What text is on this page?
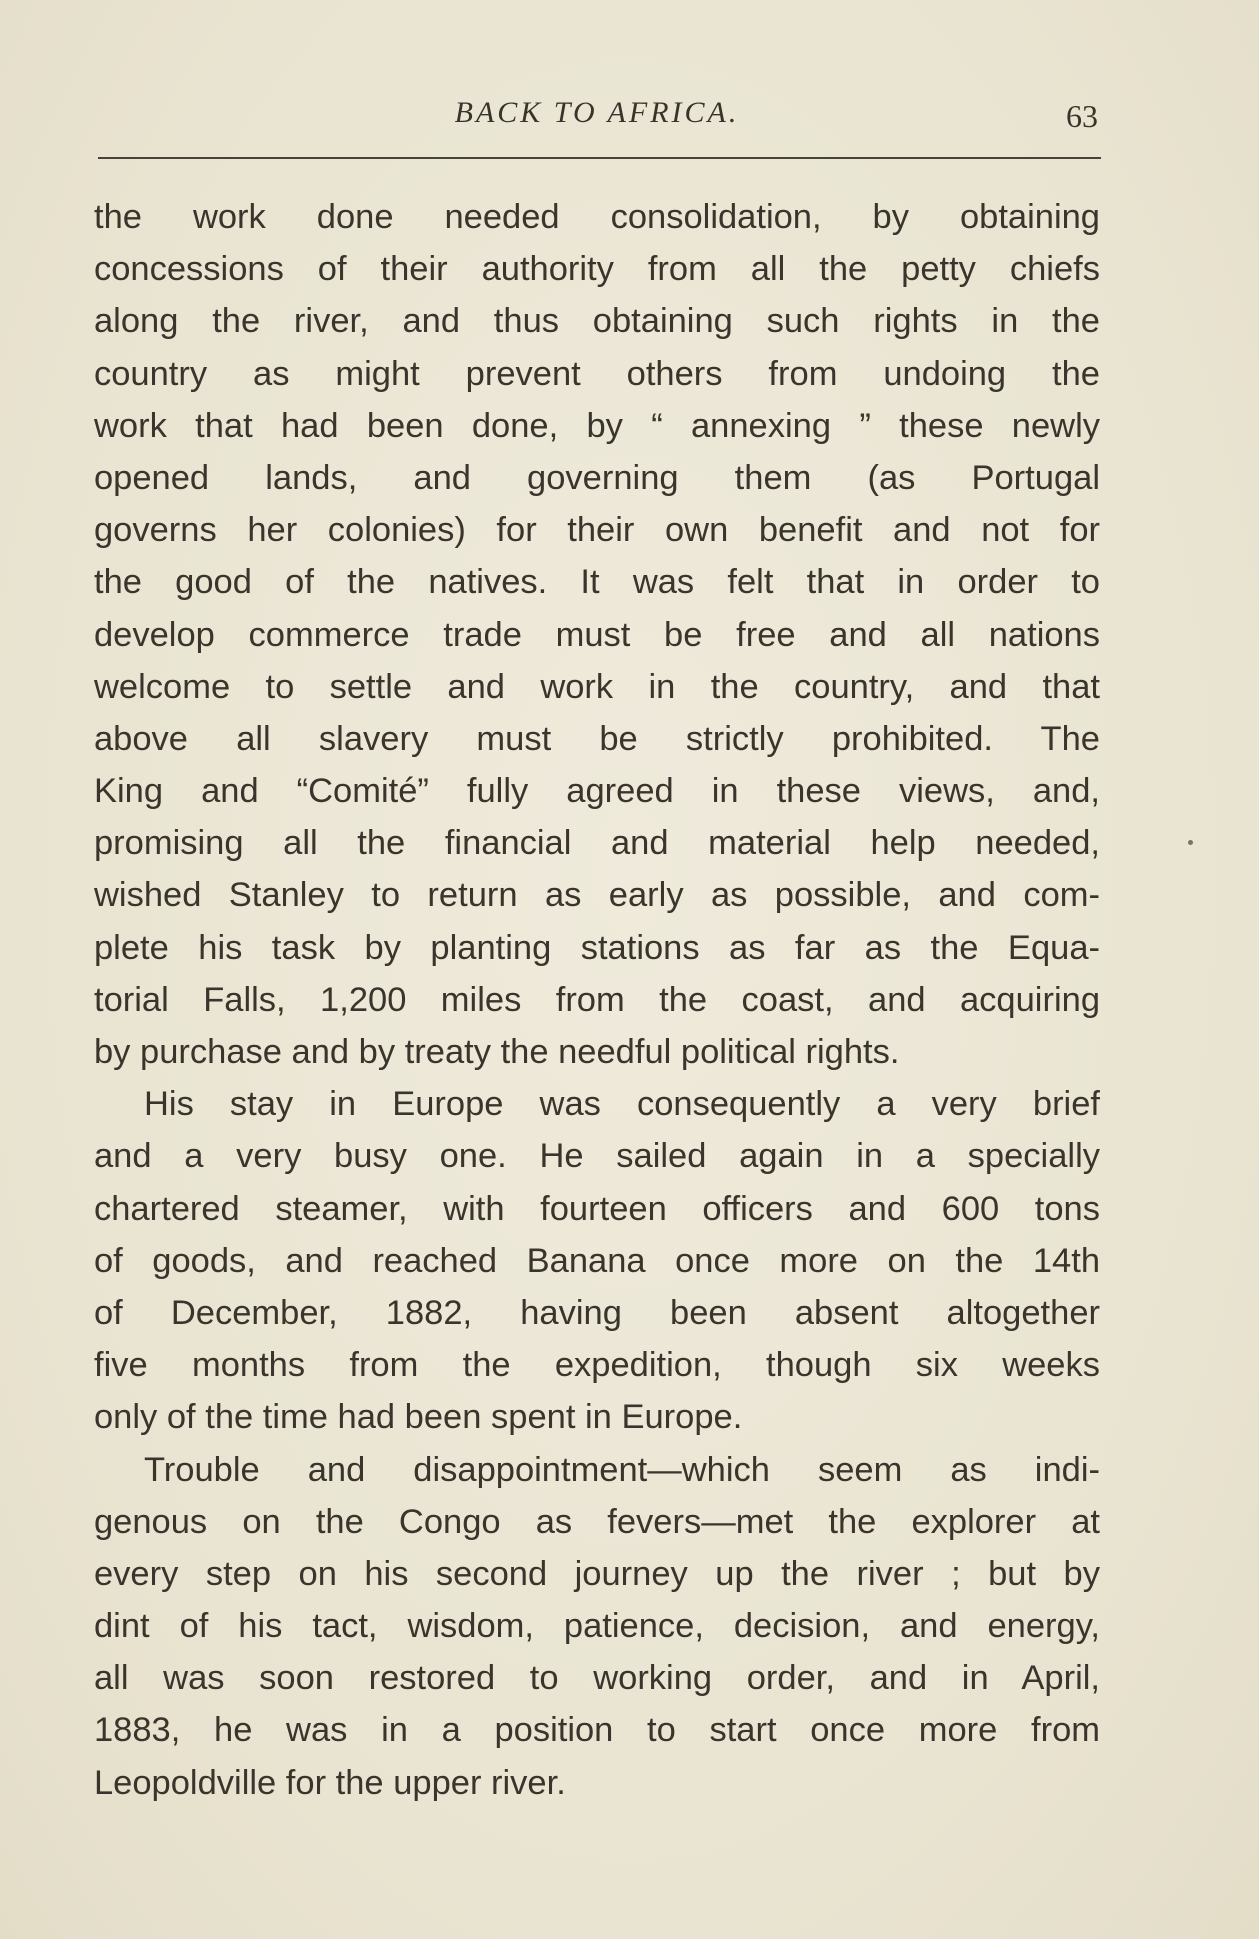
BACK TO AFRICA.	63
the work done needed consolidation, by obtaining
concessions of their authority from all the petty chiefs
along the river, and thus obtaining such rights in the
country as might prevent others from undoing the
work that had been done, by “ annexing ” these newly
opened lands, and governing them (as Portugal
governs her colonies) for their own benefit and not for
the good of the natives. It was felt that in order to
develop commerce trade must be free and all nations
welcome to settle and work in the country, and that
above all slavery must be strictly prohibited. The
King and “Comité” fully agreed in these views, and,
promising all the financial and material help needed,
wished Stanley to return as early as possible, and com-
plete his task by planting stations as far as the Equa-
torial Falls, 1,200 miles from the coast, and acquiring
by purchase and by treaty the needful political rights.
His stay in Europe was consequently a very brief
and a very busy one. He sailed again in a specially
chartered steamer, with fourteen officers and 600 tons
of goods, and reached Banana once more on the 14th
of December, 1882, having been absent altogether
five months from the expedition, though six weeks
only of the time had been spent in Europe.
Trouble and disappointment—which seem as indi-
genous on the Congo as fevers—met the explorer at
every step on his second journey up the river ; but by
dint of his tact, wisdom, patience, decision, and energy,
all was soon restored to working order, and in April,
1883, he was in a position to start once more from
Leopoldville for the upper river.
